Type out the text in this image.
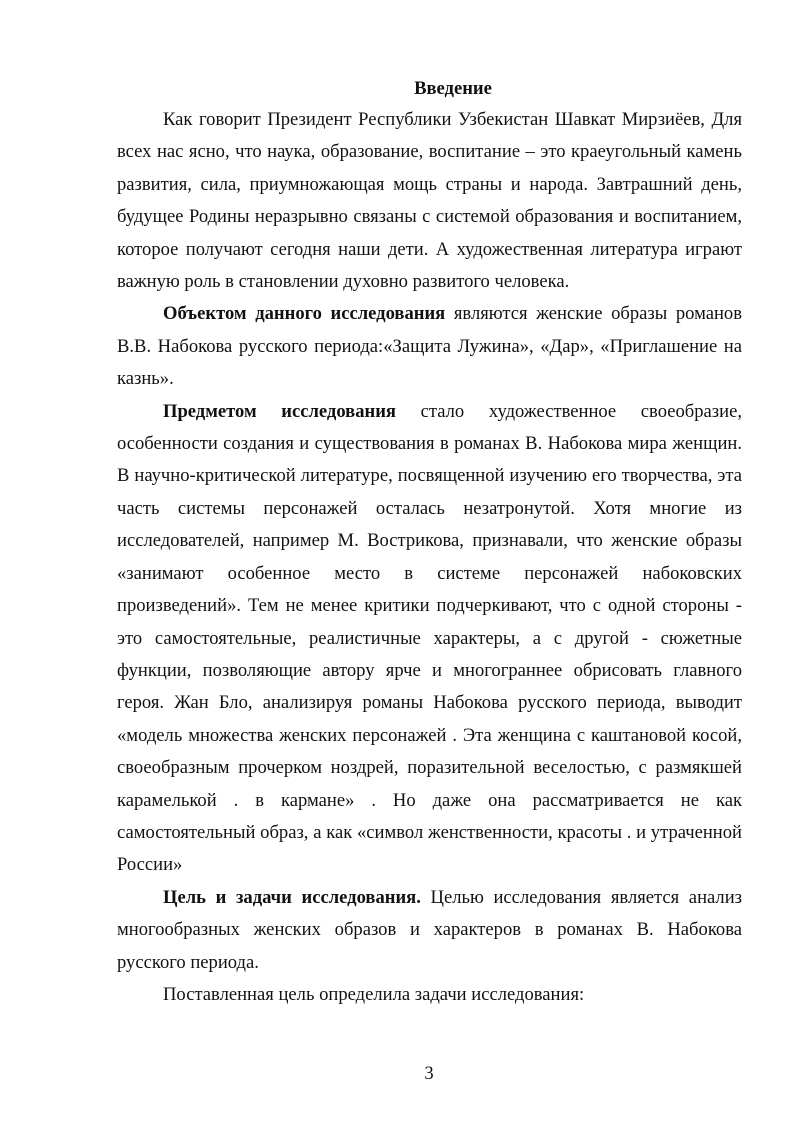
Введение

Как говорит Президент Республики Узбекистан Шавкат Мирзиёев, Для всех нас ясно, что наука, образование, воспитание – это краеугольный камень развития, сила, приумножающая мощь страны и народа. Завтрашний день, будущее Родины неразрывно связаны с системой образования и воспитанием, которое получают сегодня наши дети. А художественная литература играют важную роль в становлении духовно развитого человека.

Объектом данного исследования являются женские образы романов В.В. Набокова русского периода:«Защита Лужина», «Дар», «Приглашение на казнь».

Предметом исследования стало художественное своеобразие, особенности создания и существования в романах В. Набокова мира женщин. В научно-критической литературе, посвященной изучению его творчества, эта часть системы персонажей осталась незатронутой. Хотя многие из исследователей, например М. Вострикова, признавали, что женские образы «занимают особенное место в системе персонажей набоковских произведений». Тем не менее критики подчеркивают, что с одной стороны - это самостоятельные, реалистичные характеры, а с другой - сюжетные функции, позволяющие автору ярче и многограннее обрисовать главного героя. Жан Бло, анализируя романы Набокова русского периода, выводит «модель множества женских персонажей . Эта женщина с каштановой косой, своеобразным прочерком ноздрей, поразительной веселостью, с размякшей карамелькой . в кармане» . Но даже она рассматривается не как самостоятельный образ, а как «символ женственности, красоты . и утраченной России»

Цель и задачи исследования. Целью исследования является анализ многообразных женских образов и характеров в романах В. Набокова русского периода.

Поставленная цель определила задачи исследования:

3
